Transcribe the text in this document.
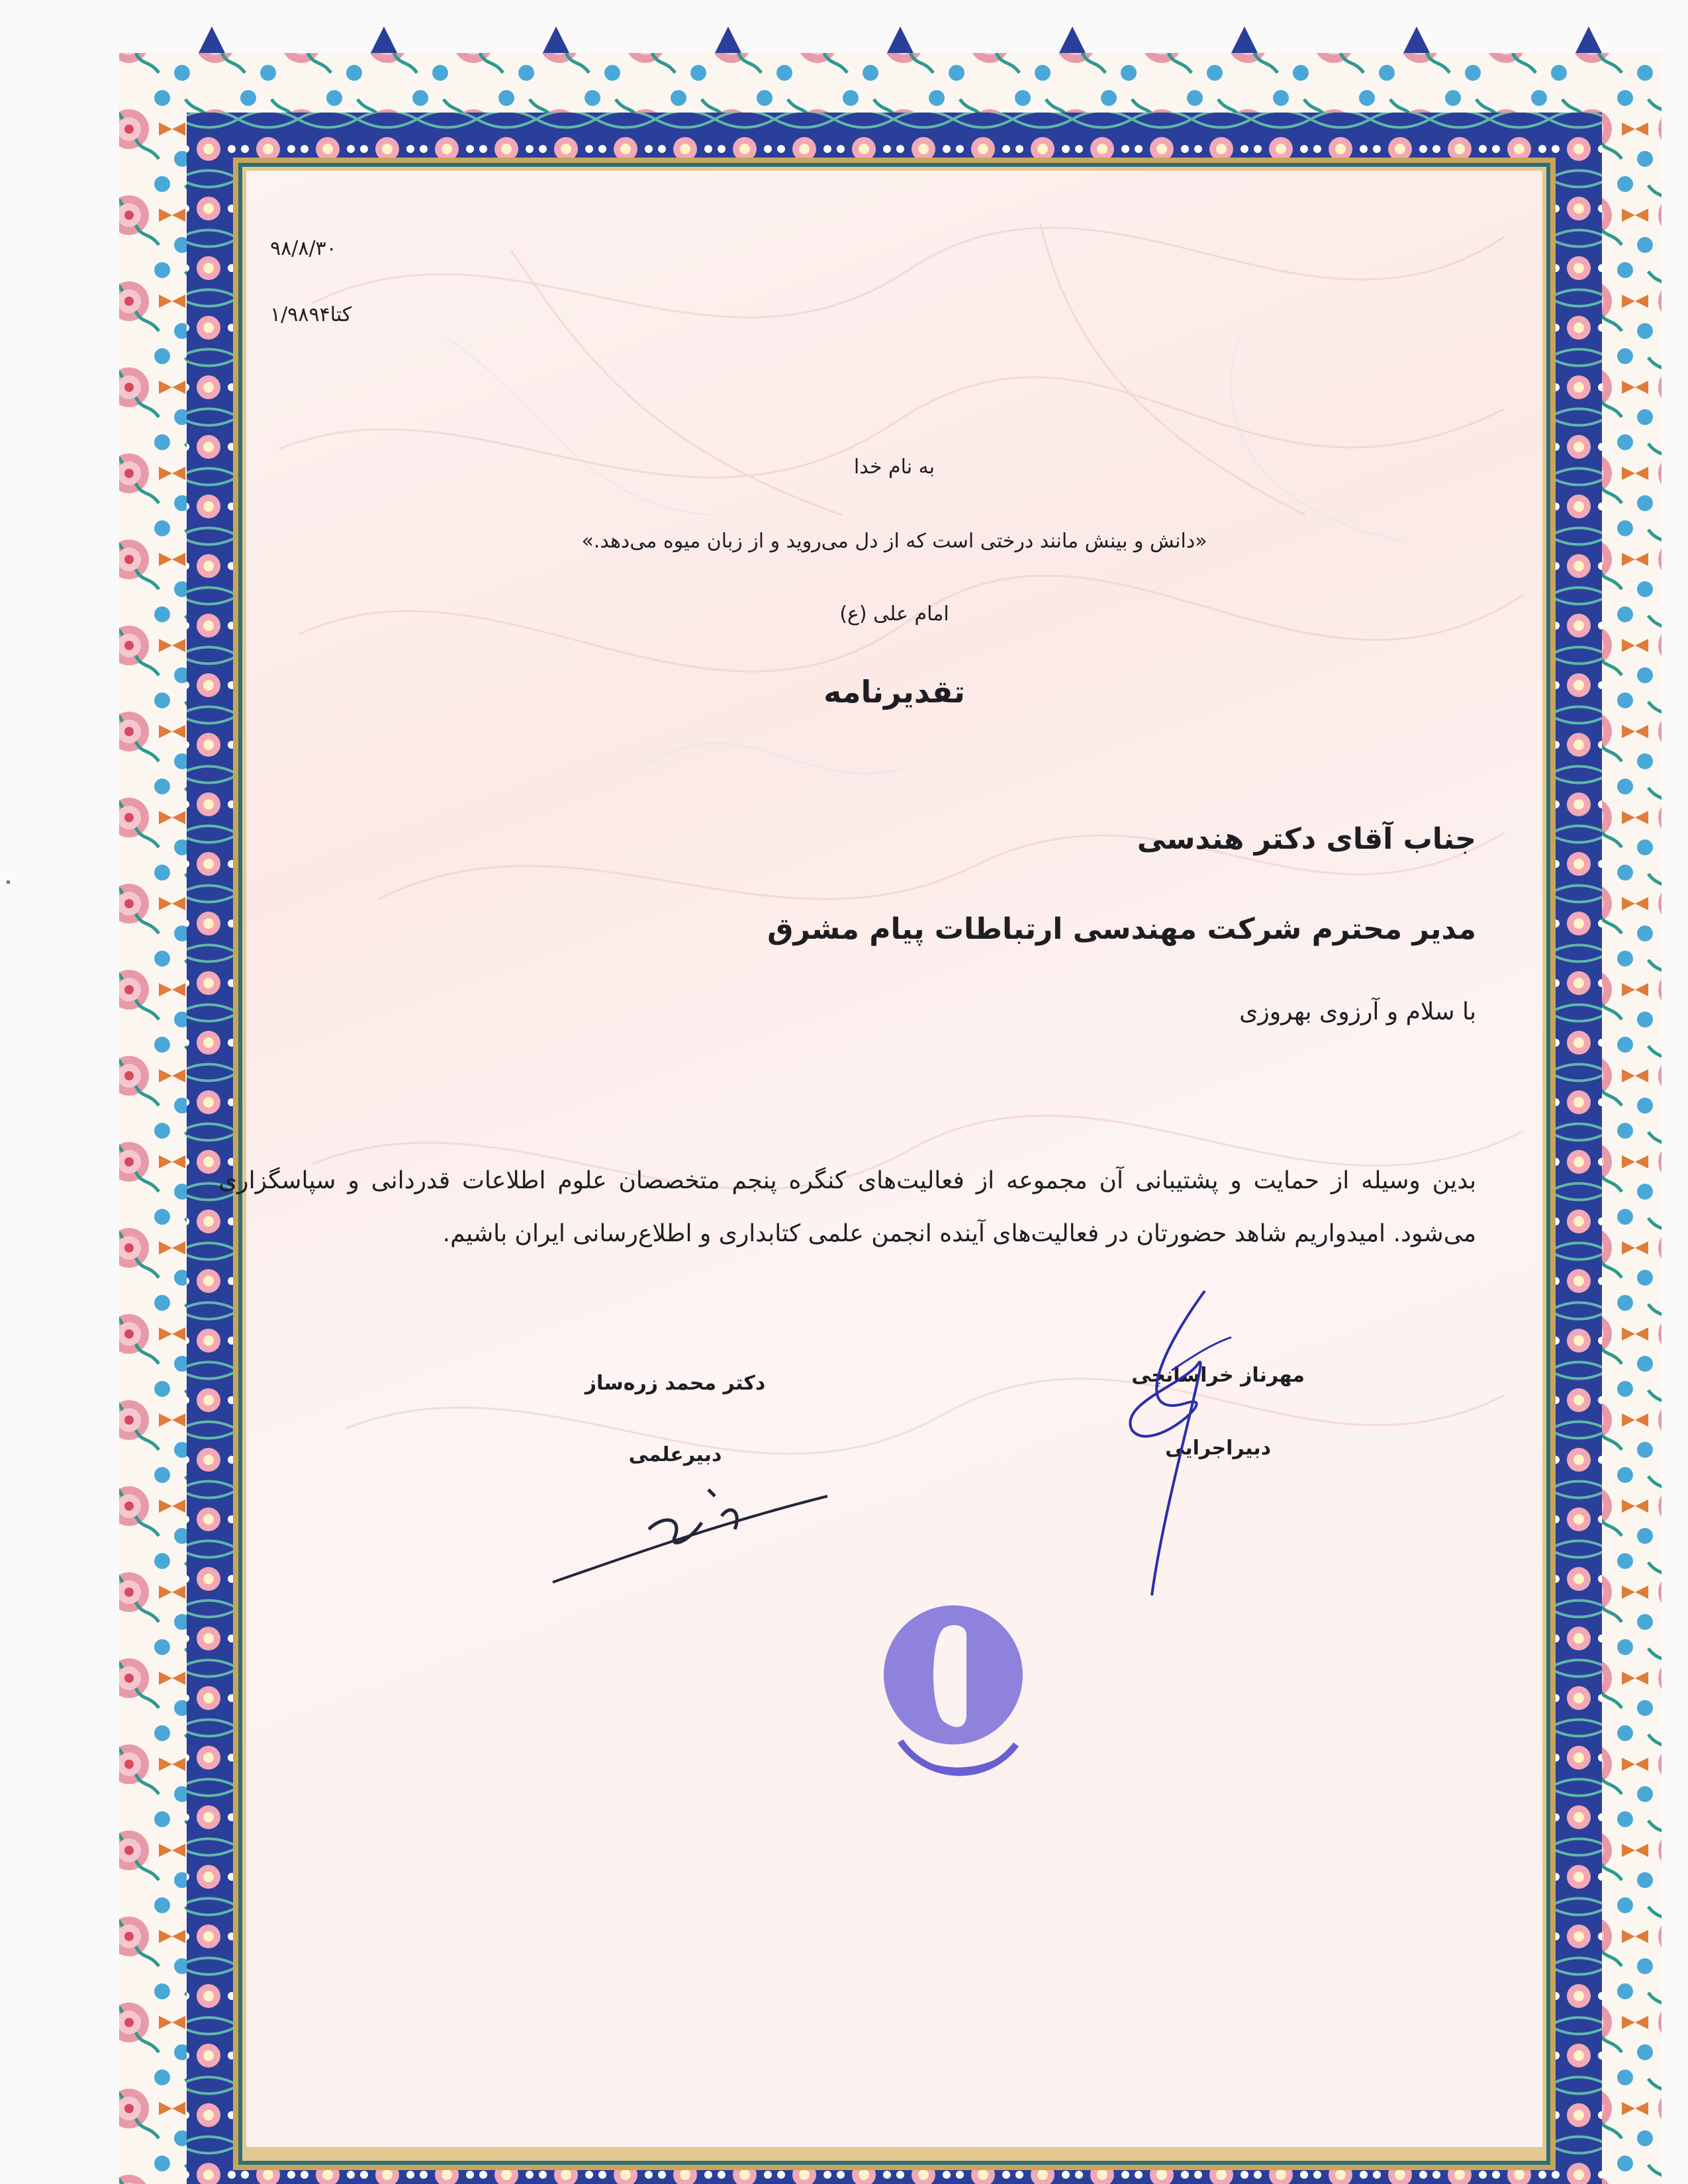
۹۸/۸/۳۰
۱/۹۸۹۴کتا
به نام خدا
«دانش و بینش مانند درختی است که از دل می‌روید و از زبان میوه می‌دهد.»
امام علی (ع)
تقدیرنامه
جناب آقای دکتر هندسی
مدیر محترم شرکت مهندسی ارتباطات پیام مشرق
با سلام و آرزوی بهروزی
بدین وسیله از حمایت و پشتیبانی آن مجموعه از فعالیت‌های کنگره پنجم متخصصان علوم اطلاعات قدردانی و سپاسگزاری می‌شود. امیدواریم شاهد حضورتان در فعالیت‌های آینده انجمن علمی کتابداری و اطلاع‌رسانی ایران باشیم.
دکتر محمد زره‌ساز
دبیرعلمی
مهرناز خراسانچی
دبیراجرایی
